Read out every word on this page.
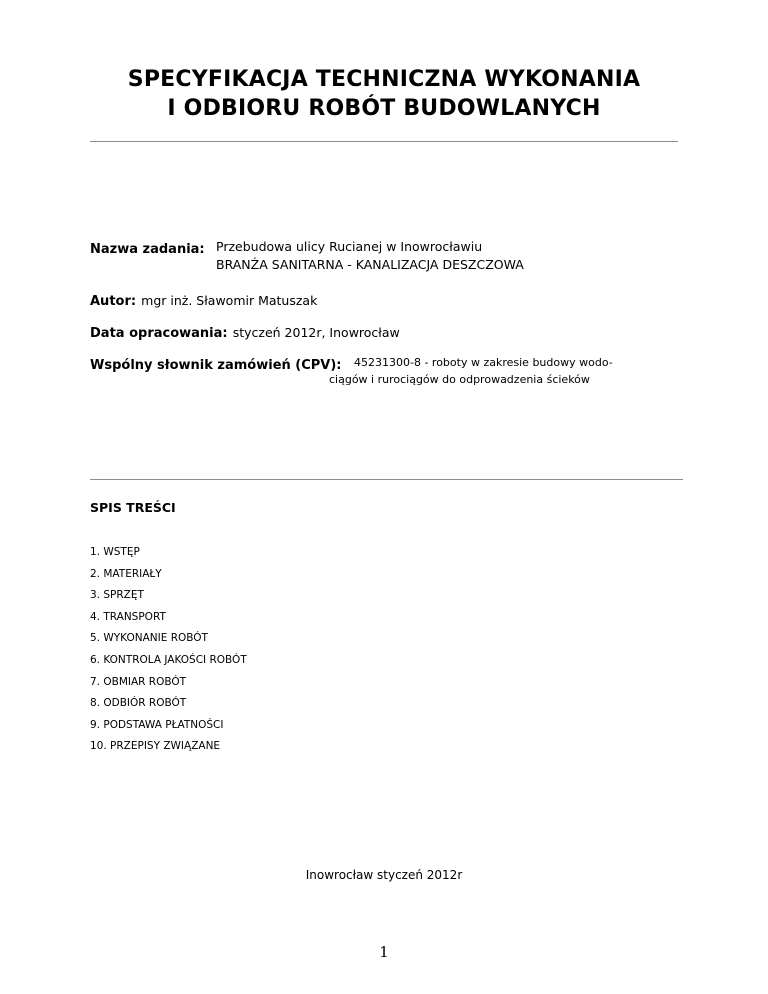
SPECYFIKACJA TECHNICZNA WYKONANIA
I ODBIORU ROBÓT BUDOWLANYCH
Nazwa zadania: Przebudowa ulicy Rucianej w Inowrocławiu
BRANŻA SANITARNA - KANALIZACJA DESZCZOWA
Autor: mgr inż. Sławomir Matuszak
Data opracowania: styczeń 2012r, Inowrocław
Wspólny słownik zamówień (CPV): 45231300-8 - roboty w zakresie budowy wodo-
ciągów i rurociągów do odprowadzenia ścieków
SPIS TREŚCI
1. WSTĘP
2. MATERIAŁY
3. SPRZĘT
4. TRANSPORT
5. WYKONANIE ROBÓT
6. KONTROLA JAKOŚCI ROBÓT
7. OBMIAR ROBÓT
8. ODBIÓR ROBÓT
9. PODSTAWA PŁATNOŚCI
10. PRZEPISY ZWIĄZANE
Inowrocław styczeń 2012r
1
